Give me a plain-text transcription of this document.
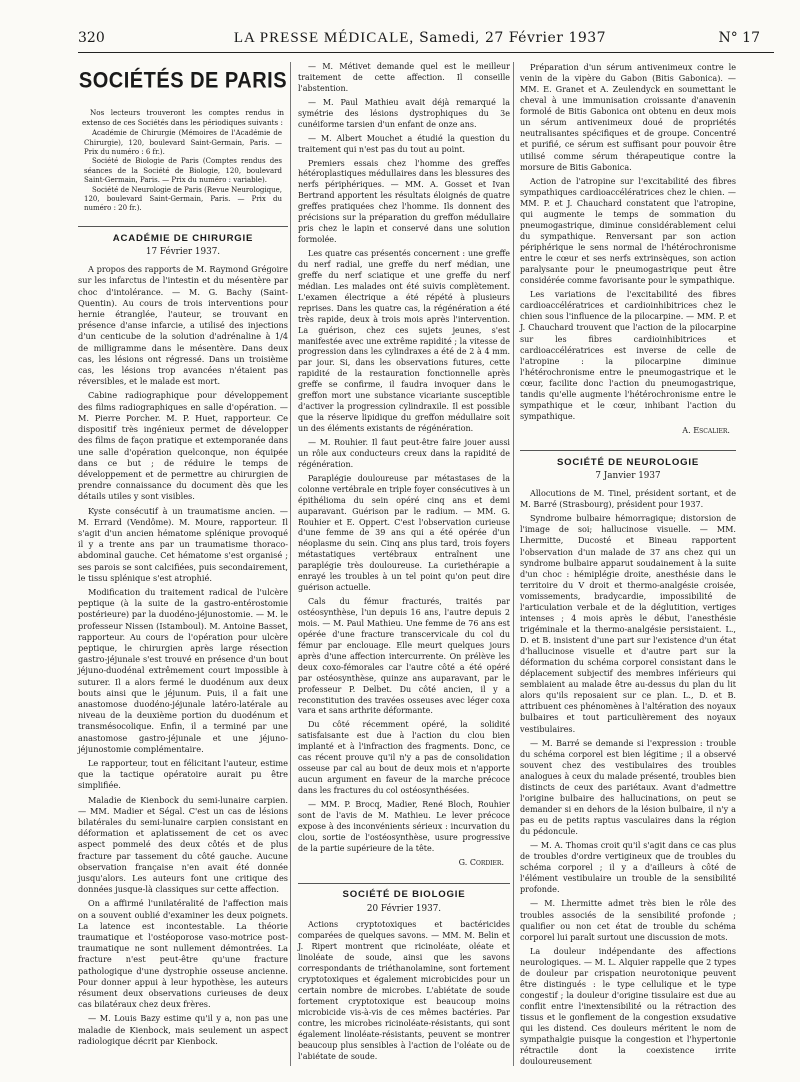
320	LA PRESSE MÉDICALE, Samedi, 27 Février 1937	N° 17
SOCIÉTÉS DE PARIS

Nos lecteurs trouveront les comptes rendus in extenso de ces Sociétés dans les périodiques suivants :

Académie de Chirurgie (Mémoires de l'Académie de Chirurgie), 120, boulevard Saint-Germain, Paris. — Prix du numéro : 6 fr.).

Société de Biologie de Paris (Comptes rendus des séances de la Société de Biologie, 120, boulevard Saint-Germain, Paris. — Prix du numéro : variable).

Société de Neurologie de Paris (Revue Neurologique, 120, boulevard Saint-Germain, Paris. — Prix du numéro : 20 fr.).

ACADÉMIE DE CHIRURGIE
17 Février 1937.

A propos des rapports de M. Raymond Grégoire sur les infarctus de l'intestin et du mésentère par choc d'intolérance. — M. G. Bachy (Saint-Quentin). Au cours de trois interventions pour hernie étranglée, l'auteur, se trouvant en présence d'anse infarcie, a utilisé des injections d'un centicube de la solution d'adrénaline à 1/4 de milligramme dans le mésentère. Dans deux cas, les lésions ont régressé. Dans un troisième cas, les lésions trop avancées n'étaient pas réversibles, et le malade est mort.

Cabine radiographique pour développement des films radiographiques en salle d'opération. — M. Pierre Porcher. M. P. Huet, rapporteur. Ce dispositif très ingénieux permet de développer des films de façon pratique et extemporanée dans une salle d'opération quelconque, non équipée dans ce but ; de réduire le temps de développement et de permettre au chirurgien de prendre connaissance du document dès que les détails utiles y sont visibles.

Kyste consécutif à un traumatisme ancien. — M. Errard (Vendôme). M. Moure, rapporteur. Il s'agit d'un ancien hématome splénique provoqué il y a trente ans par un traumatisme thoraco-abdominal gauche. Cet hématome s'est organisé ; ses parois se sont calcifiées, puis secondairement, le tissu splénique s'est atrophié.

Modification du traitement radical de l'ulcère peptique (à la suite de la gastro-entérostomie postérieure) par la duodéno-jéjunostomie. — M. le professeur Nissen (Istamboul). M. Antoine Basset, rapporteur. Au cours de l'opération pour ulcère peptique, le chirurgien après large résection gastro-jéjunale s'est trouvé en présence d'un bout jéjuno-duodénal extrêmement court impossible à suturer. Il a alors fermé le duodénum aux deux bouts ainsi que le jéjunum. Puis, il a fait une anastomose duodéno-jéjunale latéro-latérale au niveau de la deuxième portion du duodénum et transmésocolique. Enfin, il a terminé par une anastomose gastro-jéjunale et une jéjuno-jéjunostomie complémentaire.

Le rapporteur, tout en félicitant l'auteur, estime que la tactique opératoire aurait pu être simplifiée.

Maladie de Kienbock du semi-lunaire carpien. — MM. Madier et Ségal. C'est un cas de lésions bilatérales du semi-lunaire carpien consistant en déformation et aplatissement de cet os avec aspect pommelé des deux côtés et de plus fracture par tassement du côté gauche. Aucune observation française n'en avait été donnée jusqu'alors. Les auteurs font une critique des données jusque-là classiques sur cette affection.

On a affirmé l'unilatéralité de l'affection mais on a souvent oublié d'examiner les deux poignets. La latence est incontestable. La théorie traumatique et l'ostéoporose vaso-motrice post-traumatique ne sont nullement démontrées. La fracture n'est peut-être qu'une fracture pathologique d'une dystrophie osseuse ancienne. Pour donner appui à leur hypothèse, les auteurs résument deux observations curieuses de deux cas bilatéraux chez deux frères.

— M. Louis Bazy estime qu'il y a, non pas une maladie de Kienbock, mais seulement un aspect radiologique décrit par Kienbock.

— M. Métivet demande quel est le meilleur traitement de cette affection. Il conseille l'abstention.

— M. Paul Mathieu avait déjà remarqué la symétrie des lésions dystrophiques du 3e cunéiforme tarsien d'un enfant de onze ans.

— M. Albert Mouchet a étudié la question du traitement qui n'est pas du tout au point.

Premiers essais chez l'homme des greffes hétéroplastiques médullaires dans les blessures des nerfs périphériques. — MM. A. Gosset et Ivan Bertrand apportent les résultats éloignés de quatre greffes pratiquées chez l'homme. Ils donnent des précisions sur la préparation du greffon médullaire pris chez le lapin et conservé dans une solution formolée.

Les quatre cas présentés concernent : une greffe du nerf radial, une greffe du nerf médian, une greffe du nerf sciatique et une greffe du nerf médian. Les malades ont été suivis complètement. L'examen électrique a été répété à plusieurs reprises. Dans les quatre cas, la régénération a été très rapide, deux à trois mois après l'intervention. La guérison, chez ces sujets jeunes, s'est manifestée avec une extrême rapidité ; la vitesse de progression dans les cylindraxes a été de 2 à 4 mm. par jour. Si, dans les observations futures, cette rapidité de la restauration fonctionnelle après greffe se confirme, il faudra invoquer dans le greffon mort une substance vicariante susceptible d'activer la progression cylindraxile. Il est possible que la réserve lipidique du greffon médullaire soit un des éléments existants de régénération.

— M. Rouhier. Il faut peut-être faire jouer aussi un rôle aux conducteurs creux dans la rapidité de régénération.

Paraplégie douloureuse par métastases de la colonne vertébrale en triple foyer consécutives à un épithélioma du sein opéré cinq ans et demi auparavant. Guérison par le radium. — MM. G. Rouhier et E. Oppert. C'est l'observation curieuse d'une femme de 39 ans qui a été opérée d'un néoplasme du sein. Cinq ans plus tard, trois foyers métastatiques vertébraux entraînent une paraplégie très douloureuse. La curiethérapie a enrayé les troubles à un tel point qu'on peut dire guérison actuelle.

Cals du fémur fracturés, traités par ostéosynthèse, l'un depuis 16 ans, l'autre depuis 2 mois. — M. Paul Mathieu. Une femme de 76 ans est opérée d'une fracture transcervicale du col du fémur par enclouage. Elle meurt quelques jours après d'une affection intercurrente. On prélève les deux coxo-fémorales car l'autre côté a été opéré par ostéosynthèse, quinze ans auparavant, par le professeur P. Delbet. Du côté ancien, il y a reconstitution des travées osseuses avec léger coxa vara et sans arthrite déformante.

Du côté récemment opéré, la solidité satisfaisante est due à l'action du clou bien implanté et à l'infraction des fragments. Donc, ce cas récent prouve qu'il n'y a pas de consolidation osseuse par cal au bout de deux mois et n'apporte aucun argument en faveur de la marche précoce dans les fractures du col ostéosynthésées.

— MM. P. Brocq, Madier, René Bloch, Rouhier sont de l'avis de M. Mathieu. Le lever précoce expose à des inconvénients sérieux : incurvation du clou, sortie de l'ostéosynthèse, usure progressive de la partie supérieure de la tête.

G. Cordier.
SOCIÉTÉ DE BIOLOGIE
20 Février 1937.

Actions cryptotoxiques et bactéricides comparées de quelques savons. — MM. M. Belin et J. Ripert montrent que ricinoléate, oléate et linoléate de soude, ainsi que les savons correspondants de triéthanolamine, sont fortement cryptotoxiques et également microbicides pour un certain nombre de microbes. L'abiétate de soude fortement cryptotoxique est beaucoup moins microbicide vis-à-vis de ces mêmes bactéries. Par contre, les microbes ricinoléate-résistants, qui sont également linoléate-résistants, peuvent se montrer beaucoup plus sensibles à l'action de l'oléate ou de l'abiétate de soude.

Préparation d'un sérum antivenimeux contre le venin de la vipère du Gabon (Bitis Gabonica). — MM. E. Granet et A. Zeulendyck en soumettant le cheval à une immunisation croissante d'anavenin formolé de Bitis Gabonica ont obtenu en deux mois un sérum antivenimeux doué de propriétés neutralisantes spécifiques et de groupe. Concentré et purifié, ce sérum est suffisant pour pouvoir être utilisé comme sérum thérapeutique contre la morsure de Bitis Gabonica.

Action de l'atropine sur l'excitabilité des fibres sympathiques cardioaccélératrices chez le chien. — MM. P. et J. Chauchard constatent que l'atropine, qui augmente le temps de sommation du pneumogastrique, diminue considérablement celui du sympathique. Renversant par son action périphérique le sens normal de l'hétérochronisme entre le cœur et ses nerfs extrinsèques, son action paralysante pour le pneumogastrique peut être considérée comme favorisante pour le sympathique.

Les variations de l'excitabilité des fibres cardioaccélératrices et cardioinhibitrices chez le chien sous l'influence de la pilocarpine. — MM. P. et J. Chauchard trouvent que l'action de la pilocarpine sur les fibres cardioinhibitrices et cardioaccélératrices est inverse de celle de l'atropine : la pilocarpine diminue l'hétérochronisme entre le pneumogastrique et le cœur, facilite donc l'action du pneumogastrique, tandis qu'elle augmente l'hétérochronisme entre le sympathique et le cœur, inhibant l'action du sympathique.

A. Escalier.
SOCIÉTÉ DE NEUROLOGIE
7 Janvier 1937

Allocutions de M. Tinel, président sortant, et de M. Barré (Strasbourg), président pour 1937.

Syndrome bulbaire hémorragique; distorsion de l'image de soi; hallucinose visuelle. — MM. Lhermitte, Ducosté et Bineau rapportent l'observation d'un malade de 37 ans chez qui un syndrome bulbaire apparut soudainement à la suite d'un choc : hémiplégie droite, anesthésie dans le territoire du V droit et thermo-analgésie croisée, vomissements, bradycardie, impossibilité de l'articulation verbale et de la déglutition, vertiges intenses ; 4 mois après le début, l'anesthésie trigéminale et la thermo-analgésie persistaient. L., D. et B. insistent d'une part sur l'existence d'un état d'hallucinose visuelle et d'autre part sur la déformation du schéma corporel consistant dans le déplacement subjectif des membres inférieurs qui semblaient au malade être au-dessus du plan du lit alors qu'ils reposaient sur ce plan. L., D. et B. attribuent ces phénomènes à l'altération des noyaux bulbaires et tout particulièrement des noyaux vestibulaires.

— M. Barré se demande si l'expression : trouble du schéma corporel est bien légitime ; il a observé souvent chez des vestibulaires des troubles analogues à ceux du malade présenté, troubles bien distincts de ceux des pariétaux. Avant d'admettre l'origine bulbaire des hallucinations, on peut se demander si en dehors de la lésion bulbaire, il n'y a pas eu de petits raptus vasculaires dans la région du pédoncule.

— M. A. Thomas croit qu'il s'agit dans ce cas plus de troubles d'ordre vertigineux que de troubles du schéma corporel ; il y a d'ailleurs à côté de l'élément vestibulaire un trouble de la sensibilité profonde.

— M. Lhermitte admet très bien le rôle des troubles associés de la sensibilité profonde ; qualifier ou non cet état de trouble du schéma corporel lui paraît surtout une discussion de mots.

La douleur indépendante des affections neurologiques. — M. L. Alquier rappelle que 2 types de douleur par crispation neurotonique peuvent être distingués : le type cellulique et le type congestif ; la douleur d'origine tissulaire est due au conflit entre l'inextensibilité ou la rétraction des tissus et le gonflement de la congestion exsudative qui les distend. Ces douleurs méritent le nom de sympathalgie puisque la congestion et l'hypertonie rétractile dont la coexistence irrite douloureusement
